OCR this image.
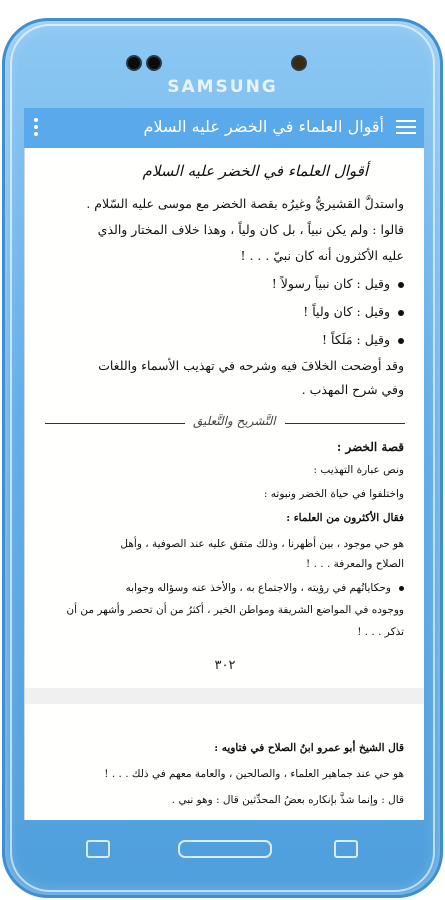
SAMSUNG
أقوال العلماء في الخضر عليه السلام
أقوال العلماء في الخضر عليه السلام
واستدلَّ القشيريُّ وغيرُه بقصة الخضر مع موسى عليه السّلام .
قالوا : ولم يكن نبياً ، بل كان ولياً ، وهذا خلاف المختار والذي
عليه الأكثرون أنه كان نبيّ . . . !
وقيل : كان نبياً رسولاً !
وقيل : كان ولياً !
وقيل : مَلَكاً !
وقد أوضحت الخلافَ فيه وشرحه في تهذيب الأسماء واللغات
وفي شرح المهذب .
التَّشريح والتَّعليق
قصة الخضر :
ونص عبارة التهذيب :
واختلفوا في حياة الخضر ونبوته :
فقال الأكثرون من العلماء :
هو حي موجود ، بين أظهرنا ، وذلك متفق عليه عند الصوفية ، وأهل
الصلاح والمعرفة . . . !
وحكاياتُهم في رؤيته ، والاجتماع به ، والأخذ عنه وسؤاله وجوابه
ووجوده في المواضع الشريفة ومواطن الخير ، أكثرُ من أن تحصر وأشهر من أن
تذكر . . . !
٣٠٢
قال الشيخ أبو عمرو ابنُ الصلاح في فتاويه :
هو حي عند جماهير العلماء ، والصالحين ، والعامة معهم في ذلك . . . !
قال : وإنما شذَّ بإنكاره بعضُ المحدِّثين قال : وهو نبي .
